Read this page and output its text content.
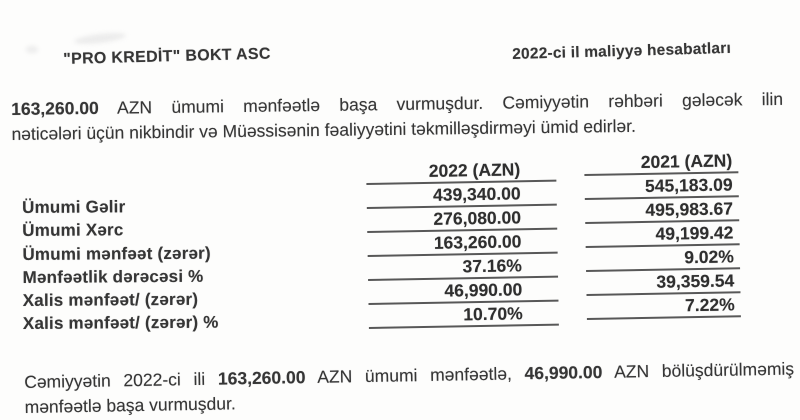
"PRO KREDİT" BOKT ASC	2022-ci il maliyyə hesabatları
163,260.00 AZN ümumi mənfəətlə başa vurmuşdur. Cəmiyyətin rəhbəri gələcək ilin
nəticələri üçün nikbindir və Müəssisənin fəaliyyətini təkmilləşdirməyi ümid edirlər.
Ümumi Gəlir
Ümumi Xərc
Ümumi mənfəət (zərər)
Mənfəətlik dərəcəsi %
Xalis mənfəət/ (zərər)
Xalis mənfəət/ (zərər) %
2022 (AZN)
439,340.00
276,080.00
163,260.00
37.16%
46,990.00
10.70%
2021 (AZN)
545,183.09
495,983.67
49,199.42
9.02%
39,359.54
7.22%
Cəmiyyətin 2022-ci ili 163,260.00 AZN ümumi mənfəətlə, 46,990.00 AZN bölüşdürülməmiş
mənfəətlə başa vurmuşdur.
